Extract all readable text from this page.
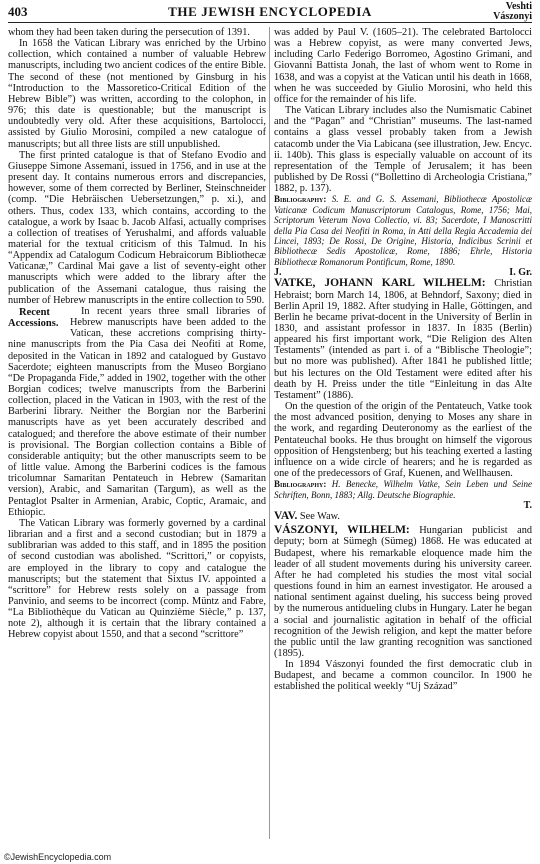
403	THE JEWISH ENCYCLOPEDIA	Veshti
Vászonyi

whom they had been taken during the persecution of 1391.

In 1658 the Vatican Library was enriched by the Urbino collection, which contained a number of valuable Hebrew manuscripts, including two ancient codices of the entire Bible. The second of these (not mentioned by Ginsburg in his “Introduction to the Massoretico-Critical Edition of the Hebrew Bible”) was written, according to the colophon, in 976; this date is questionable; but the manuscript is undoubtedly very old. After these acquisitions, Bartolocci, assisted by Giulio Morosini, compiled a new catalogue of manuscripts; but all three lists are still unpublished.

The first printed catalogue is that of Stefano Evodio and Giuseppe Simone Assemani, issued in 1756, and in use at the present day. It contains numerous errors and discrepancies, however, some of them corrected by Berliner, Steinschneider (comp. “Die Hebräischen Uebersetzungen,” p. xi.), and others. Thus, codex 133, which contains, according to the catalogue, a work by Isaac b. Jacob Alfasi, actually comprises a collection of treatises of Yerushalmi, and affords valuable material for the textual criticism of this Talmud. In his “Appendix ad Catalogum Codicum Hebraicorum Bibliothecæ Vaticanæ,” Cardinal Mai gave a list of seventy-eight other manuscripts which were added to the library after the publication of the Assemani catalogue, thus raising the number of Hebrew manuscripts in the entire collection to 590.

Recent Accessions.
In recent years three small libraries of Hebrew manuscripts have been added to the Vatican, these accretions comprising thirty-nine manuscripts from the Pia Casa dei Neofiti at Rome, deposited in the Vatican in 1892 and catalogued by Gustavo Sacerdote; eighteen manuscripts from the Museo Borgiano “De Propaganda Fide,” added in 1902, together with the other Borgian codices; twelve manuscripts from the Barberini collection, placed in the Vatican in 1903, with the rest of the Barberini library. Neither the Borgian nor the Barberini manuscripts have as yet been accurately described and catalogued; and therefore the above estimate of their number is provisional. The Borgian collection contains a Bible of considerable antiquity; but the other manuscripts seem to be of little value. Among the Barberini codices is the famous tricolumnar Samaritan Pentateuch in Hebrew (Samaritan version), Arabic, and Samaritan (Targum), as well as the Pentaglot Psalter in Armenian, Arabic, Coptic, Aramaic, and Ethiopic.

The Vatican Library was formerly governed by a cardinal librarian and a first and a second custodian; but in 1879 a sublibrarian was added to this staff, and in 1895 the position of second custodian was abolished. “Scrittori,” or copyists, are employed in the library to copy and catalogue the manuscripts; but the statement that Sixtus IV. appointed a “scrittore” for Hebrew rests solely on a passage from Panvinio, and seems to be incorrect (comp. Müntz and Fabre, “La Bibliothèque du Vatican au Quinzième Siècle,” p. 137, note 2), although it is certain that the library contained a Hebrew copyist about 1550, and that a second “scrittore”

was added by Paul V. (1605–21). The celebrated Bartolocci was a Hebrew copyist, as were many converted Jews, including Carlo Federigo Borromeo, Agostino Grimani, and Giovanni Battista Jonah, the last of whom went to Rome in 1638, and was a copyist at the Vatican until his death in 1668, when he was succeeded by Giulio Morosini, who held this office for the remainder of his life.

The Vatican Library includes also the Numismatic Cabinet and the “Pagan” and “Christian” museums. The last-named contains a glass vessel probably taken from a Jewish catacomb under the Via Labicana (see illustration, Jew. Encyc. ii. 140b). This glass is especially valuable on account of its representation of the Temple of Jerusalem; it has been published by De Rossi (“Bollettino di Archeologia Cristiana,” 1882, p. 137).

Bibliography: S. E. and G. S. Assemani, Bibliothecæ Apostolicæ Vaticanæ Codicum Manuscriptorum Catalogus, Rome, 1756; Mai, Scriptorum Veterum Nova Collectio, vi. 83; Sacerdote, I Manoscritti della Pia Casa dei Neofiti in Roma, in Atti della Regia Accademia dei Lincei, 1893; De Rossi, De Origine, Historia, Indicibus Scrinii et Bibliothecæ Sedis Apostolicæ, Rome, 1886; Ehrle, Historia Bibliothecæ Romanorum Pontificum, Rome, 1890.
J.	I. Gr.

VATKE, JOHANN KARL WILHELM: Christian Hebraist; born March 14, 1806, at Behndorf, Saxony; died in Berlin April 19, 1882. After studying in Halle, Göttingen, and Berlin he became privat-docent in the University of Berlin in 1830, and assistant professor in 1837. In 1835 (Berlin) appeared his first important work, “Die Religion des Alten Testaments” (intended as part i. of a “Biblische Theologie”; but no more was published). After 1841 he published little; but his lectures on the Old Testament were edited after his death by H. Preiss under the title “Einleitung in das Alte Testament” (1886).

On the question of the origin of the Pentateuch, Vatke took the most advanced position, denying to Moses any share in the work, and regarding Deuteronomy as the earliest of the Pentateuchal books. He thus brought on himself the vigorous opposition of Hengstenberg; but his teaching exerted a lasting influence on a wide circle of hearers; and he is regarded as one of the predecessors of Graf, Kuenen, and Wellhausen.

Bibliography: H. Benecke, Wilhelm Vatke, Sein Leben und Seine Schriften, Bonn, 1883; Allg. Deutsche Biographie.
T.

VAV. See Waw.

VÁSZONYI, WILHELM: Hungarian publicist and deputy; born at Sümegh (Sümeg) 1868. He was educated at Budapest, where his remarkable eloquence made him the leader of all student movements during his university career. After he had completed his studies the most vital social questions found in him an earnest investigator. He aroused a national sentiment against dueling, his success being proved by the numerous antidueling clubs in Hungary. Later he began a social and journalistic agitation in behalf of the official recognition of the Jewish religion, and kept the matter before the public until the law granting recognition was sanctioned (1895).

In 1894 Vászonyi founded the first democratic club in Budapest, and became a common councilor. In 1900 he established the political weekly “Uj Század”

©JewishEncyclopedia.com
